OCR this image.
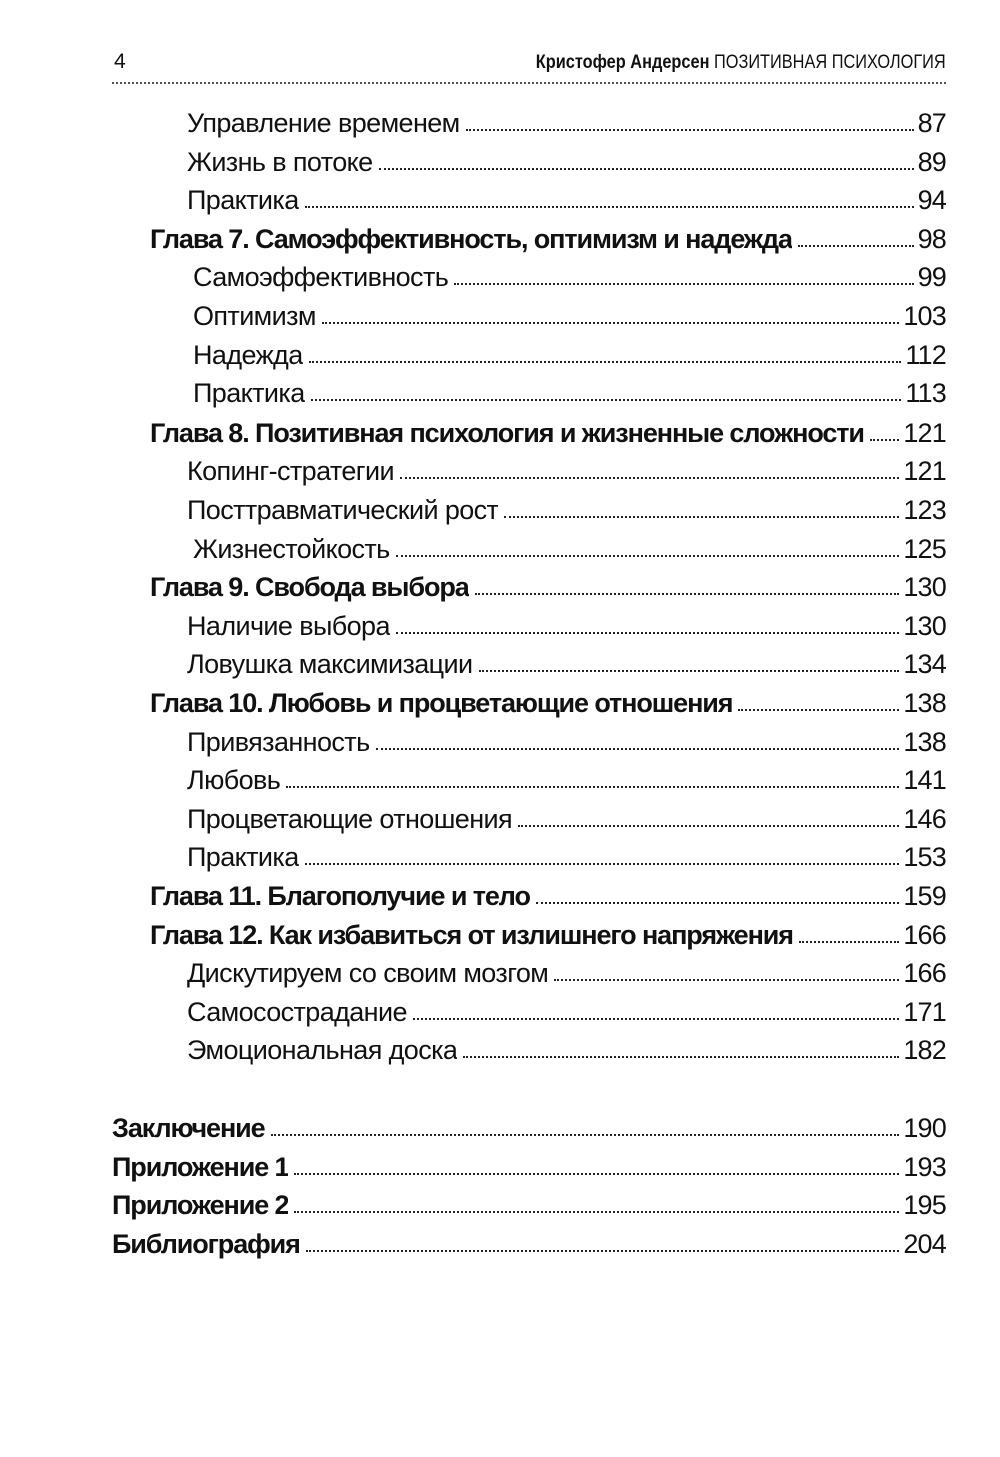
4	Кристофер Андерсен ПОЗИТИВНАЯ ПСИХОЛОГИЯ
Управление временем	87
Жизнь в потоке	89
Практика	94
Глава 7. Самоэффективность, оптимизм и надежда	98
Самоэффективность	99
Оптимизм	103
Надежда	112
Практика	113
Глава 8. Позитивная психология и жизненные сложности 121
Копинг-стратегии	121
Посттравматический рост	123
Жизнестойкость	125
Глава 9. Свобода выбора	130
Наличие выбора	130
Ловушка максимизации	134
Глава 10. Любовь и процветающие отношения	138
Привязанность	138
Любовь	141
Процветающие отношения	146
Практика	153
Глава 11. Благополучие и тело	159
Глава 12. Как избавиться от излишнего напряжения	166
Дискутируем со своим мозгом	166
Самосострадание	171
Эмоциональная доска	182
Заключение	190
Приложение 1	193
Приложение 2	195
Библиография	204
